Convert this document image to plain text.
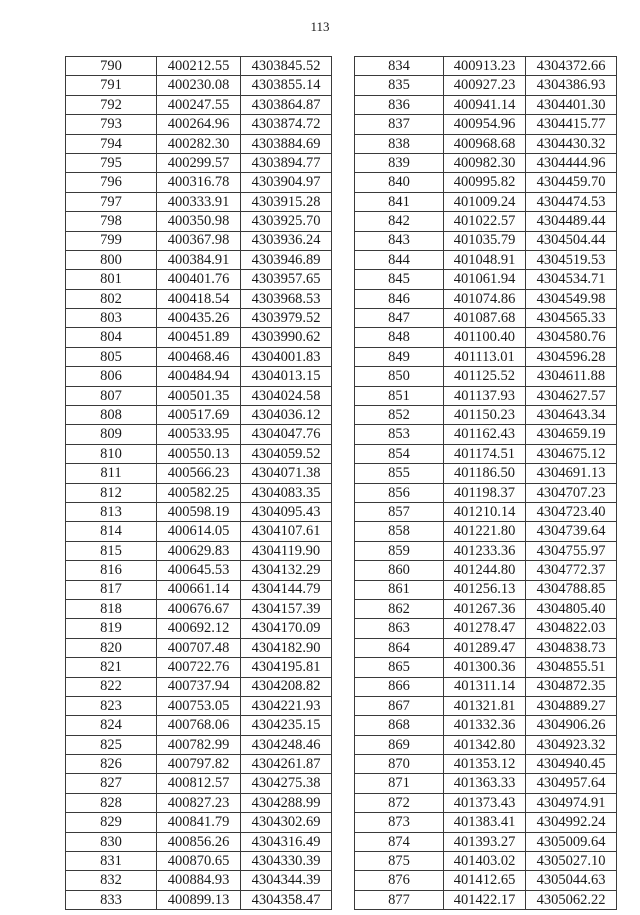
113
790	400212.55	4303845.52
791	400230.08	4303855.14
792	400247.55	4303864.87
793	400264.96	4303874.72
794	400282.30	4303884.69
795	400299.57	4303894.77
796	400316.78	4303904.97
797	400333.91	4303915.28
798	400350.98	4303925.70
799	400367.98	4303936.24
800	400384.91	4303946.89
801	400401.76	4303957.65
802	400418.54	4303968.53
803	400435.26	4303979.52
804	400451.89	4303990.62
805	400468.46	4304001.83
806	400484.94	4304013.15
807	400501.35	4304024.58
808	400517.69	4304036.12
809	400533.95	4304047.76
810	400550.13	4304059.52
811	400566.23	4304071.38
812	400582.25	4304083.35
813	400598.19	4304095.43
814	400614.05	4304107.61
815	400629.83	4304119.90
816	400645.53	4304132.29
817	400661.14	4304144.79
818	400676.67	4304157.39
819	400692.12	4304170.09
820	400707.48	4304182.90
821	400722.76	4304195.81
822	400737.94	4304208.82
823	400753.05	4304221.93
824	400768.06	4304235.15
825	400782.99	4304248.46
826	400797.82	4304261.87
827	400812.57	4304275.38
828	400827.23	4304288.99
829	400841.79	4304302.69
830	400856.26	4304316.49
831	400870.65	4304330.39
832	400884.93	4304344.39
833	400899.13	4304358.47
834	400913.23	4304372.66
835	400927.23	4304386.93
836	400941.14	4304401.30
837	400954.96	4304415.77
838	400968.68	4304430.32
839	400982.30	4304444.96
840	400995.82	4304459.70
841	401009.24	4304474.53
842	401022.57	4304489.44
843	401035.79	4304504.44
844	401048.91	4304519.53
845	401061.94	4304534.71
846	401074.86	4304549.98
847	401087.68	4304565.33
848	401100.40	4304580.76
849	401113.01	4304596.28
850	401125.52	4304611.88
851	401137.93	4304627.57
852	401150.23	4304643.34
853	401162.43	4304659.19
854	401174.51	4304675.12
855	401186.50	4304691.13
856	401198.37	4304707.23
857	401210.14	4304723.40
858	401221.80	4304739.64
859	401233.36	4304755.97
860	401244.80	4304772.37
861	401256.13	4304788.85
862	401267.36	4304805.40
863	401278.47	4304822.03
864	401289.47	4304838.73
865	401300.36	4304855.51
866	401311.14	4304872.35
867	401321.81	4304889.27
868	401332.36	4304906.26
869	401342.80	4304923.32
870	401353.12	4304940.45
871	401363.33	4304957.64
872	401373.43	4304974.91
873	401383.41	4304992.24
874	401393.27	4305009.64
875	401403.02	4305027.10
876	401412.65	4305044.63
877	401422.17	4305062.22
